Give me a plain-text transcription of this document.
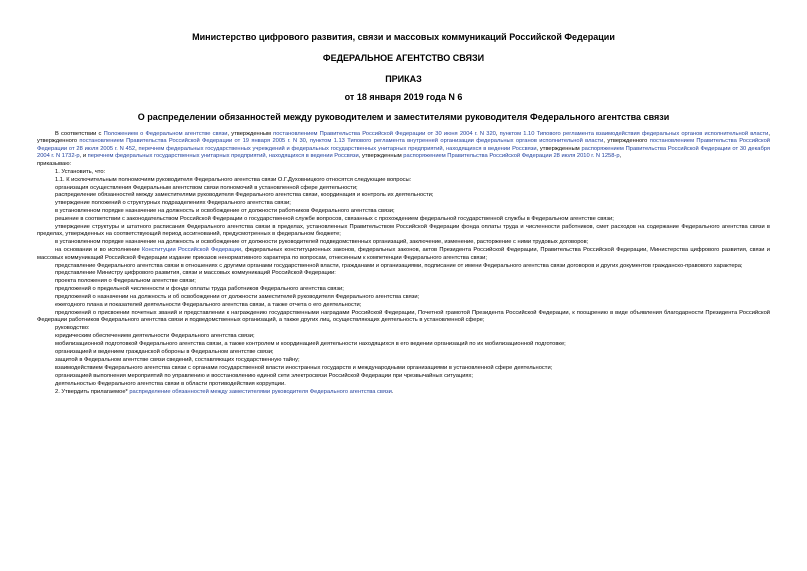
Министерство цифрового развития, связи и массовых коммуникаций Российской Федерации
ФЕДЕРАЛЬНОЕ АГЕНТСТВО СВЯЗИ
ПРИКАЗ
от 18 января 2019 года N 6
О распределении обязанностей между руководителем и заместителями руководителя Федерального агентства связи

В соответствии с Положением о Федеральном агентстве связи, утвержденным постановлением Правительства Российской Федерации от 30 июня 2004 г. N 320, пунктом 1.10 Типового регламента взаимодействия федеральных органов исполнительной власти, утвержденного постановлением Правительства Российской Федерации от 19 января 2005 г. N 30, пунктом 1.13 Типового регламента внутренней организации федеральных органов исполнительной власти, утвержденного постановлением Правительства Российской Федерации от 28 июля 2005 г. N 452, перечнем федеральных государственных учреждений и федеральных государственных унитарных предприятий, находящихся в ведении Россвязи, утвержденным распоряжением Правительства Российской Федерации от 30 декабря 2004 г. N 1732-р, и перечнем федеральных государственных унитарных предприятий, находящихся в ведении Россвязи, утвержденным распоряжением Правительства Российской Федерации 28 июля 2010 г. N 1258-р,

приказываю:

1. Установить, что:

1.1. К исключительным полномочиям руководителя Федерального агентства связи О.Г.Духовницкого относятся следующие вопросы:

организация осуществления Федеральным агентством связи полномочий в установленной сфере деятельности;

распределение обязанностей между заместителями руководителя Федерального агентства связи, координация и контроль их деятельности;

утверждение положений о структурных подразделениях Федерального агентства связи;

в установленном порядке назначение на должность и освобождение от должности работников Федерального агентства связи;

решение в соответствии с законодательством Российской Федерации о государственной службе вопросов, связанных с прохождением федеральной государственной службы в Федеральном агентстве связи;

утверждение структуры и штатного расписания Федерального агентства связи в пределах, установленных Правительством Российской Федерации фонда оплаты труда и численности работников, смет расходов на содержание Федерального агентства связи в пределах, утвержденных на соответствующий период ассигнований, предусмотренных в федеральном бюджете;

в установленном порядке назначение на должность и освобождение от должности руководителей подведомственных организаций, заключение, изменение, расторжение с ними трудовых договоров;

на основании и во исполнение Конституции Российской Федерации, федеральных конституционных законов, федеральных законов, актов Президента Российской Федерации, Правительства Российской Федерации, Министерства цифрового развития, связи и массовых коммуникаций Российской Федерации издание приказов ненормативного характера по вопросам, отнесенным к компетенции Федерального агентства связи;

представление Федерального агентства связи в отношениях с другими органами государственной власти, гражданами и организациями, подписание от имени Федерального агентства связи договоров и других документов гражданско-правового характера;

представление Министру цифрового развития, связи и массовых коммуникаций Российской Федерации:

проекта положения о Федеральном агентстве связи;

предложений о предельной численности и фонде оплаты труда работников Федерального агентства связи;

предложений о назначении на должность и об освобождении от должности заместителей руководителя Федерального агентства связи;

ежегодного плана и показателей деятельности Федерального агентства связи, а также отчета о его деятельности;

предложений о присвоении почетных званий и представлении к награждению государственными наградами Российской Федерации, Почетной грамотой Президента Российской Федерации, к поощрению в виде объявления благодарности Президента Российской Федерации работников Федерального агентства связи и подведомственных организаций, а также других лиц, осуществляющих деятельность в установленной сфере;

руководство:

юридическим обеспечением деятельности Федерального агентства связи;

мобилизационной подготовкой Федерального агентства связи, а также контролем и координацией деятельности находящихся в его ведении организаций по их мобилизационной подготовке;

организацией и ведением гражданской обороны в Федеральном агентстве связи;

защитой в Федеральном агентстве связи сведений, составляющих государственную тайну;

взаимодействием Федерального агентства связи с органами государственной власти иностранных государств и международными организациями в установленной сфере деятельности;

организацией выполнения мероприятий по управлению и восстановлению единой сети электросвязи Российской Федерации при чрезвычайных ситуациях;

деятельностью Федерального агентства связи в области противодействия коррупции.

2. Утвердить прилагаемое* распределение обязанностей между заместителями руководителя Федерального агентства связи.
